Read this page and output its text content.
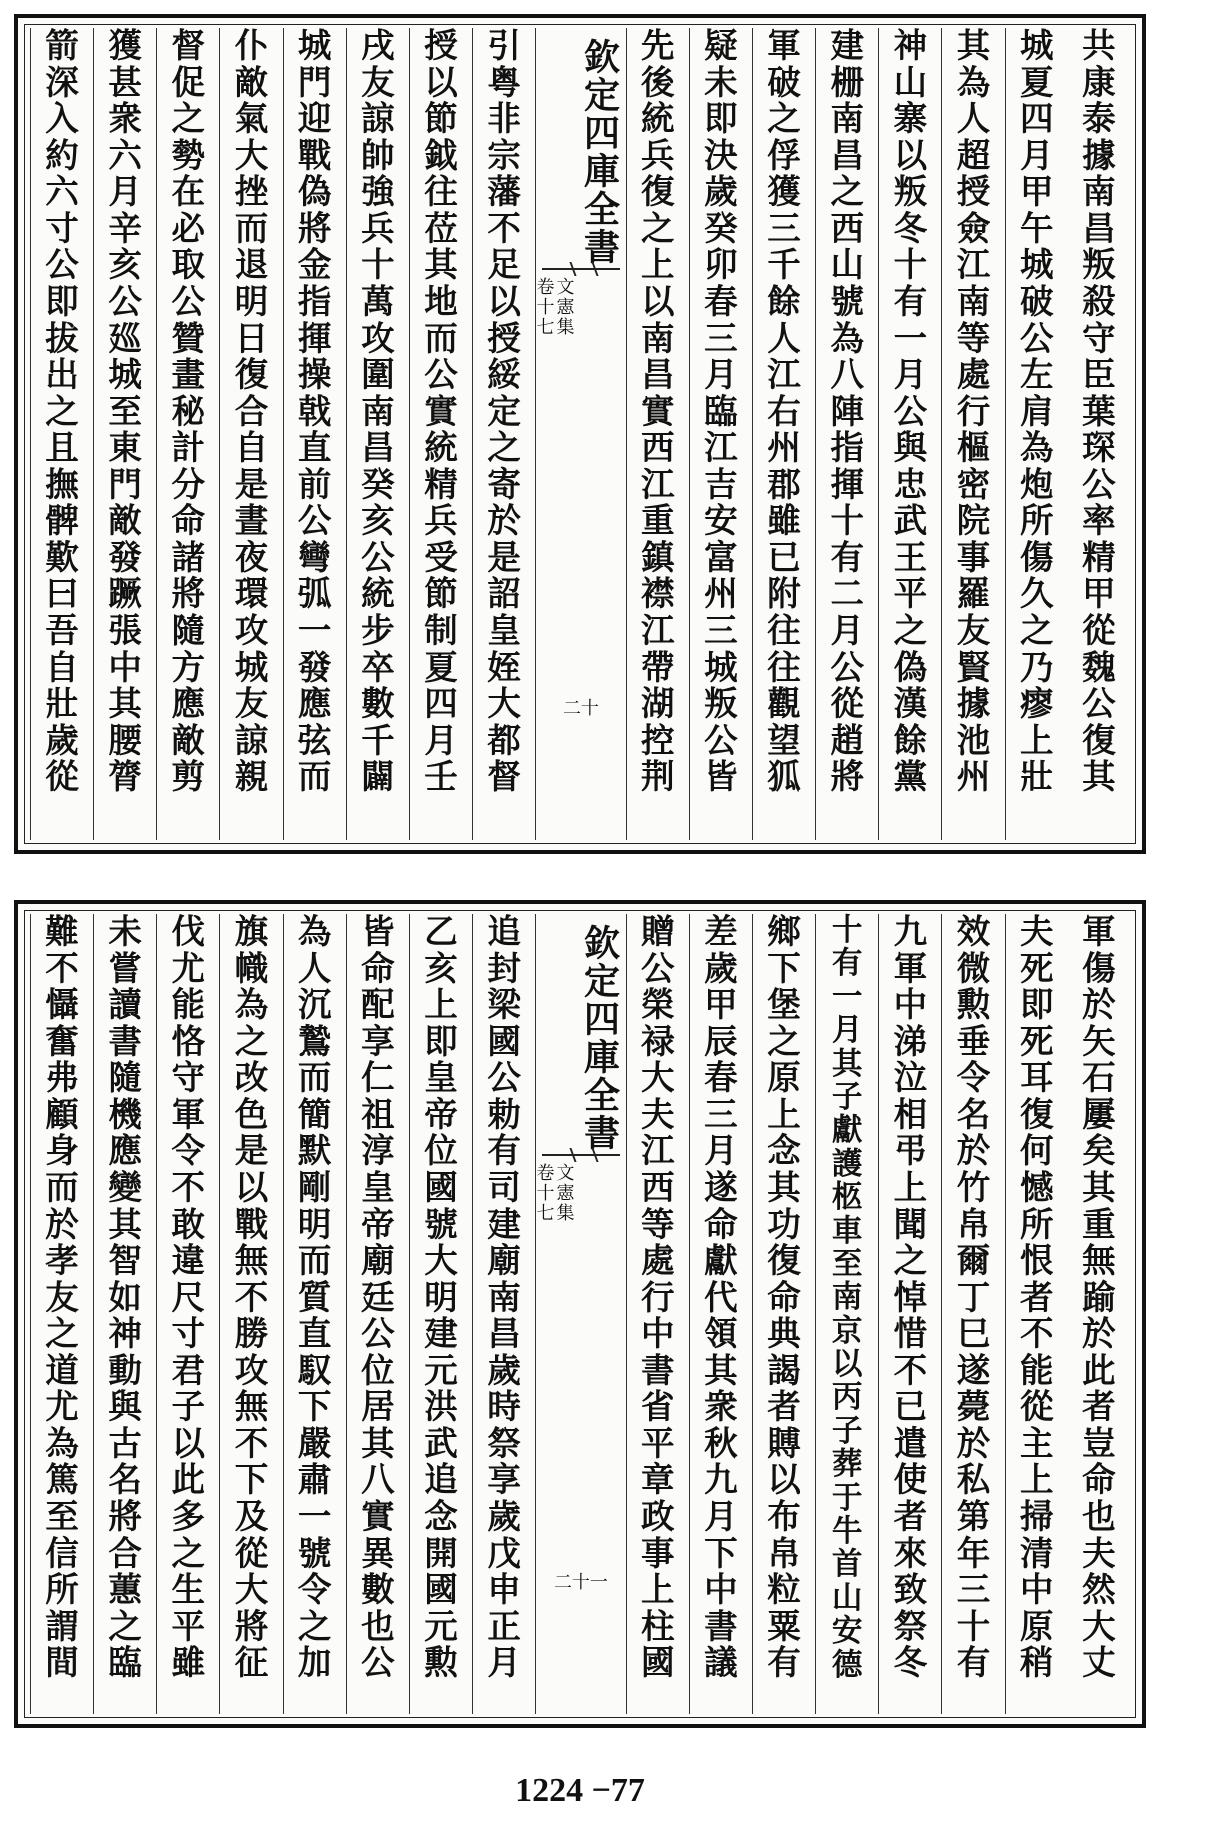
共
康
泰
據
南
昌
叛
殺
守
臣
葉
琛
公
率
精
甲
從
魏
公
復
其
城
夏
四
月
甲
午
城
破
公
左
肩
為
炮
所
傷
久
之
乃
瘳
上
壯
其
為
人
超
授
僉
江
南
等
處
行
樞
密
院
事
羅
友
賢
據
池
州
神
山
寨
以
叛
冬
十
有
一
月
公
與
忠
武
王
平
之
偽
漢
餘
黨
建
栅
南
昌
之
西
山
號
為
八
陣
指
揮
十
有
二
月
公
從
趙
將
軍
破
之
俘
獲
三
千
餘
人
江
右
州
郡
雖
已
附
往
往
觀
望
狐
疑
未
即
決
歲
癸
卯
春
三
月
臨
江
吉
安
富
州
三
城
叛
公
皆
先
後
統
兵
復
之
上
以
南
昌
實
西
江
重
鎮
襟
江
帶
湖
控
荆
欽定四庫全書
文
憲
集
卷
十
七
二十
引
粤
非
宗
藩
不
足
以
授
綏
定
之
寄
於
是
詔
皇
姪
大
都
督
授
以
節
鉞
往
莅
其
地
而
公
實
統
精
兵
受
節
制
夏
四
月
壬
戌
友
諒
帥
強
兵
十
萬
攻
圍
南
昌
癸
亥
公
統
步
卒
數
千
闢
城
門
迎
戰
偽
將
金
指
揮
操
戟
直
前
公
彎
弧
一
發
應
弦
而
仆
敵
氣
大
挫
而
退
明
日
復
合
自
是
晝
夜
環
攻
城
友
諒
親
督
促
之
勢
在
必
取
公
贊
畫
秘
計
分
命
諸
將
隨
方
應
敵
剪
獲
甚
衆
六
月
辛
亥
公
廵
城
至
東
門
敵
發
蹶
張
中
其
腰
膂
箭
深
入
約
六
寸
公
即
拔
出
之
且
撫
髀
歎
曰
吾
自
壯
歲
從
軍
傷
於
矢
石
屢
矣
其
重
無
踰
於
此
者
豈
命
也
夫
然
大
丈
夫
死
即
死
耳
復
何
憾
所
恨
者
不
能
從
主
上
掃
清
中
原
稍
效
微
勲
垂
令
名
於
竹
帛
爾
丁
巳
遂
薨
於
私
第
年
三
十
有
九
軍
中
涕
泣
相
弔
上
聞
之
悼
惜
不
已
遣
使
者
來
致
祭
冬
十
有
一
月
其
子
獻
護
柩
車
至
南
京
以
丙
子
葬
于
牛
首
山
安
德
鄉
下
堡
之
原
上
念
其
功
復
命
典
謁
者
賻
以
布
帛
粒
粟
有
差
歲
甲
辰
春
三
月
遂
命
獻
代
領
其
衆
秋
九
月
下
中
書
議
贈
公
榮
禄
大
夫
江
西
等
處
行
中
書
省
平
章
政
事
上
柱
國
欽定四庫全書
文
憲
集
卷
十
七
二十一
追
封
梁
國
公
勅
有
司
建
廟
南
昌
歲
時
祭
享
歲
戊
申
正
月
乙
亥
上
即
皇
帝
位
國
號
大
明
建
元
洪
武
追
念
開
國
元
勲
皆
命
配
享
仁
祖
淳
皇
帝
廟
廷
公
位
居
其
八
實
異
數
也
公
為
人
沉
鷙
而
簡
默
剛
明
而
質
直
馭
下
嚴
肅
一
號
令
之
加
旗
幟
為
之
改
色
是
以
戰
無
不
勝
攻
無
不
下
及
從
大
將
征
伐
尤
能
恪
守
軍
令
不
敢
違
尺
寸
君
子
以
此
多
之
生
平
雖
未
嘗
讀
書
隨
機
應
變
其
智
如
神
動
與
古
名
將
合
蕙
之
臨
難
不
懾
奮
弗
顧
身
而
於
孝
友
之
道
尤
為
篤
至
信
所
謂
間
1224 −77
